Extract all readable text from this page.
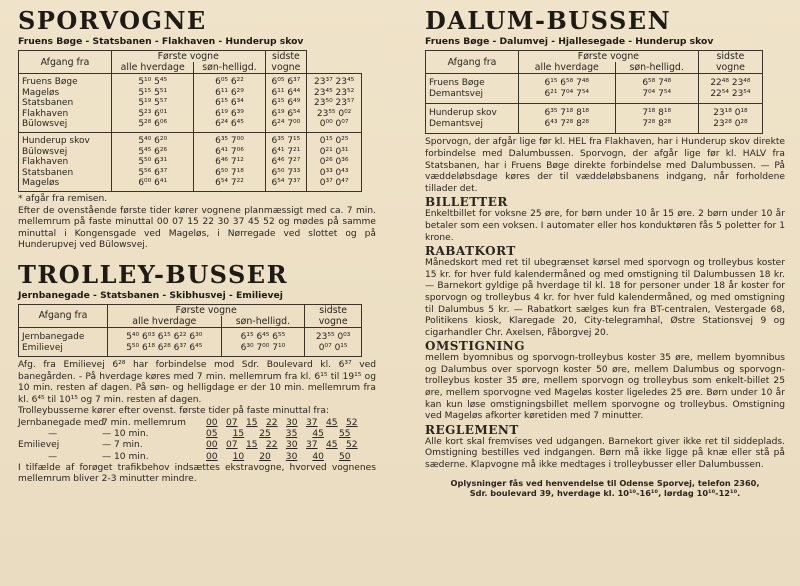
SPORVOGNE
Fruens Bøge - Statsbanen - Flakhaven - Hunderup skov
Afgang fra	Første vogne		sidste	
	alle hverdage	søn-helligd.	vogne	
Fruens Bøge	5¹⁰ 5⁴⁵	6⁰⁵ 6²²	6⁰⁵ 6³⁷	23³⁷ 23⁴⁵
Mageløs	5¹⁵ 5⁵¹	6¹¹ 6²⁹	6¹¹ 6⁴⁴	23⁴⁵ 23⁵²
Statsbanen	5¹⁹ 5⁵⁷	6¹⁵ 6³⁴	6¹⁵ 6⁴⁹	23⁵⁰ 23⁵⁷
Flakhaven	5²³ 6⁰¹	6¹⁹ 6³⁹	6¹⁹ 6⁵⁴	23⁵⁵ 0⁰²
Bülowsvej	5²⁸ 6⁰⁶	6²⁴ 6⁴⁵	6²⁴ 7⁰⁰	0⁰⁰ 0⁰⁷
Hunderup skov	5⁴⁰ 6²⁰	6³⁵ 7⁰⁰	6³⁵ 7¹⁵	0¹⁵ 0²⁵
Bülowsvej	5⁴⁵ 6²⁶	6⁴¹ 7⁰⁶	6⁴¹ 7²¹	0²¹ 0³¹
Flakhaven	5⁵⁰ 6³¹	6⁴⁶ 7¹²	6⁴⁶ 7²⁷	0²⁶ 0³⁶
Statsbanen	5⁵⁶ 6³⁷	6⁵⁰ 7¹⁸	6⁵⁰ 7³³	0³³ 0⁴³
Mageløs	6⁰⁰ 6⁴¹	6⁵⁴ 7²²	6⁵⁴ 7³⁷	0³⁷ 0⁴⁷

* afgår fra remisen.

Efter de ovenstående første tider kører vognene planmæssigt med ca. 7 min. mellemrum på faste minuttal 00 07 15 22 30 37 45 52 og mødes på samme minuttal i Kongensgade ved Mageløs, i Nørregade ved slottet og på Hunderupvej ved Bülowsvej.

TROLLEY-BUSSER
Jernbanegade - Statsbanen - Skibhusvej - Emilievej
Afgang fra	Første vogne		sidste
	alle hverdage	søn-helligd.	vogne
Jernbanegade	5⁴⁰ 6⁰³ 6¹⁵ 6²² 6³⁰	6¹⁵ 6⁴⁵ 6⁵⁵	23⁵⁵ 0⁰³
Emilievej	5⁵⁰ 6¹⁸ 6²⁸ 6³⁷ 6⁴⁵	6³⁰ 7⁰⁰ 7¹⁰	0⁰⁷ 0¹⁵

Afg. fra Emilievej 6²⁸ har forbindelse mod Sdr. Boulevard kl. 6³⁷ ved banegården. - På hverdage køres med 7 min. mellemrum fra kl. 6¹⁵ til 19¹⁵ og 10 min. resten af dagen. På søn- og helligdage er der 10 min. mellemrum fra kl. 6⁴⁵ til 10¹⁵ og 7 min. resten af dagen.

Trolleybusserne kører efter ovenst. første tider på faste minuttal fra:

Jernbanegade med
7 min. mellemrum	00 07 15 22 30 37 45 52
—	— 10 min.	05	15	25	35	45	55
Emilievej	— 7 min.	00 07 15 22 30 37 45 52
—	— 10 min.	00	10	20	30	40	50

I tilfælde af forøget trafikbehov indsættes ekstravogne, hvorved vognenes mellemrum bliver 2-3 minutter mindre.

DALUM-BUSSEN
Fruens Bøge - Dalumvej - Hjallesegade - Hunderup skov
Afgang fra	Første vogne		sidste
	alle hverdage	søn-helligd.	vogne
Fruens Bøge	6¹⁵ 6⁵⁸ 7⁴⁸	6⁵⁸ 7⁴⁸	22⁴⁸ 23⁴⁸
Demantsvej	6²¹ 7⁰⁴ 7⁵⁴	7⁰⁴ 7⁵⁴	22⁵⁴ 23⁵⁴
Hunderup skov	6³⁵ 7¹⁸ 8¹⁸	7¹⁸ 8¹⁸	23¹⁸ 0¹⁸
Demantsvej	6⁴³ 7²⁸ 8²⁸	7²⁸ 8²⁸	23²⁸ 0²⁸

Sporvogn, der afgår lige før kl. HEL fra Flakhaven, har i Hunderup skov direkte forbindelse med Dalumbussen. Sporvogn, der afgår lige før kl. HALV fra Statsbanen, har i Fruens Bøge direkte forbindelse med Dalumbussen. — På væddeløbsdage køres der til væddeløbsbanens indgang, når forholdene tillader det.

BILLETTER

Enkeltbillet for voksne 25 øre, for børn under 10 år 15 øre. 2 børn under 10 år betaler som een voksen. I automater eller hos konduktøren fås 5 poletter for 1 krone.

RABATKORT

Månedskort med ret til ubegrænset kørsel med sporvogn og trolleybus koster 15 kr. for hver fuld kalendermåned og med omstigning til Dalumbussen 18 kr. — Barnekort gyldige på hverdage til kl. 18 for personer under 18 år koster for sporvogn og trolleybus 4 kr. for hver fuld kalendermåned, og med omstigning til Dalumbus 5 kr. — Rabatkort sælges kun fra BT-centralen, Vestergade 68, Politikens kiosk, Klaregade 20, City-telegramhal, Østre Stationsvej 9 og cigarhandler Chr. Axelsen, Fåborgvej 20.

OMSTIGNING

mellem byomnibus og sporvogn-trolleybus koster 35 øre, mellem byomnibus og Dalumbus over sporvogn koster 50 øre, mellem Dalumbus og sporvogn-trolleybus koster 35 øre, mellem sporvogn og trolleybus som enkelt-billet 25 øre, mellem sporvogne ved Mageløs koster ligeledes 25 øre. Børn under 10 år kan kun løse omstigningsbillet mellem sporvogne og trolleybus. Omstigning ved Mageløs afkorter køretiden med 7 minutter.

REGLEMENT

Alle kort skal fremvises ved udgangen. Barnekort giver ikke ret til siddeplads. Omstigning bestilles ved indgangen. Børn må ikke ligge på knæ eller stå på sæderne. Klapvogne må ikke medtages i trolleybusser eller Dalumbussen.

Oplysninger fås ved henvendelse til Odense Sporvej, telefon 2360,
Sdr. boulevard 39, hverdage kl. 10¹⁰-16¹⁰, lørdag 10¹⁰-12¹⁰.
